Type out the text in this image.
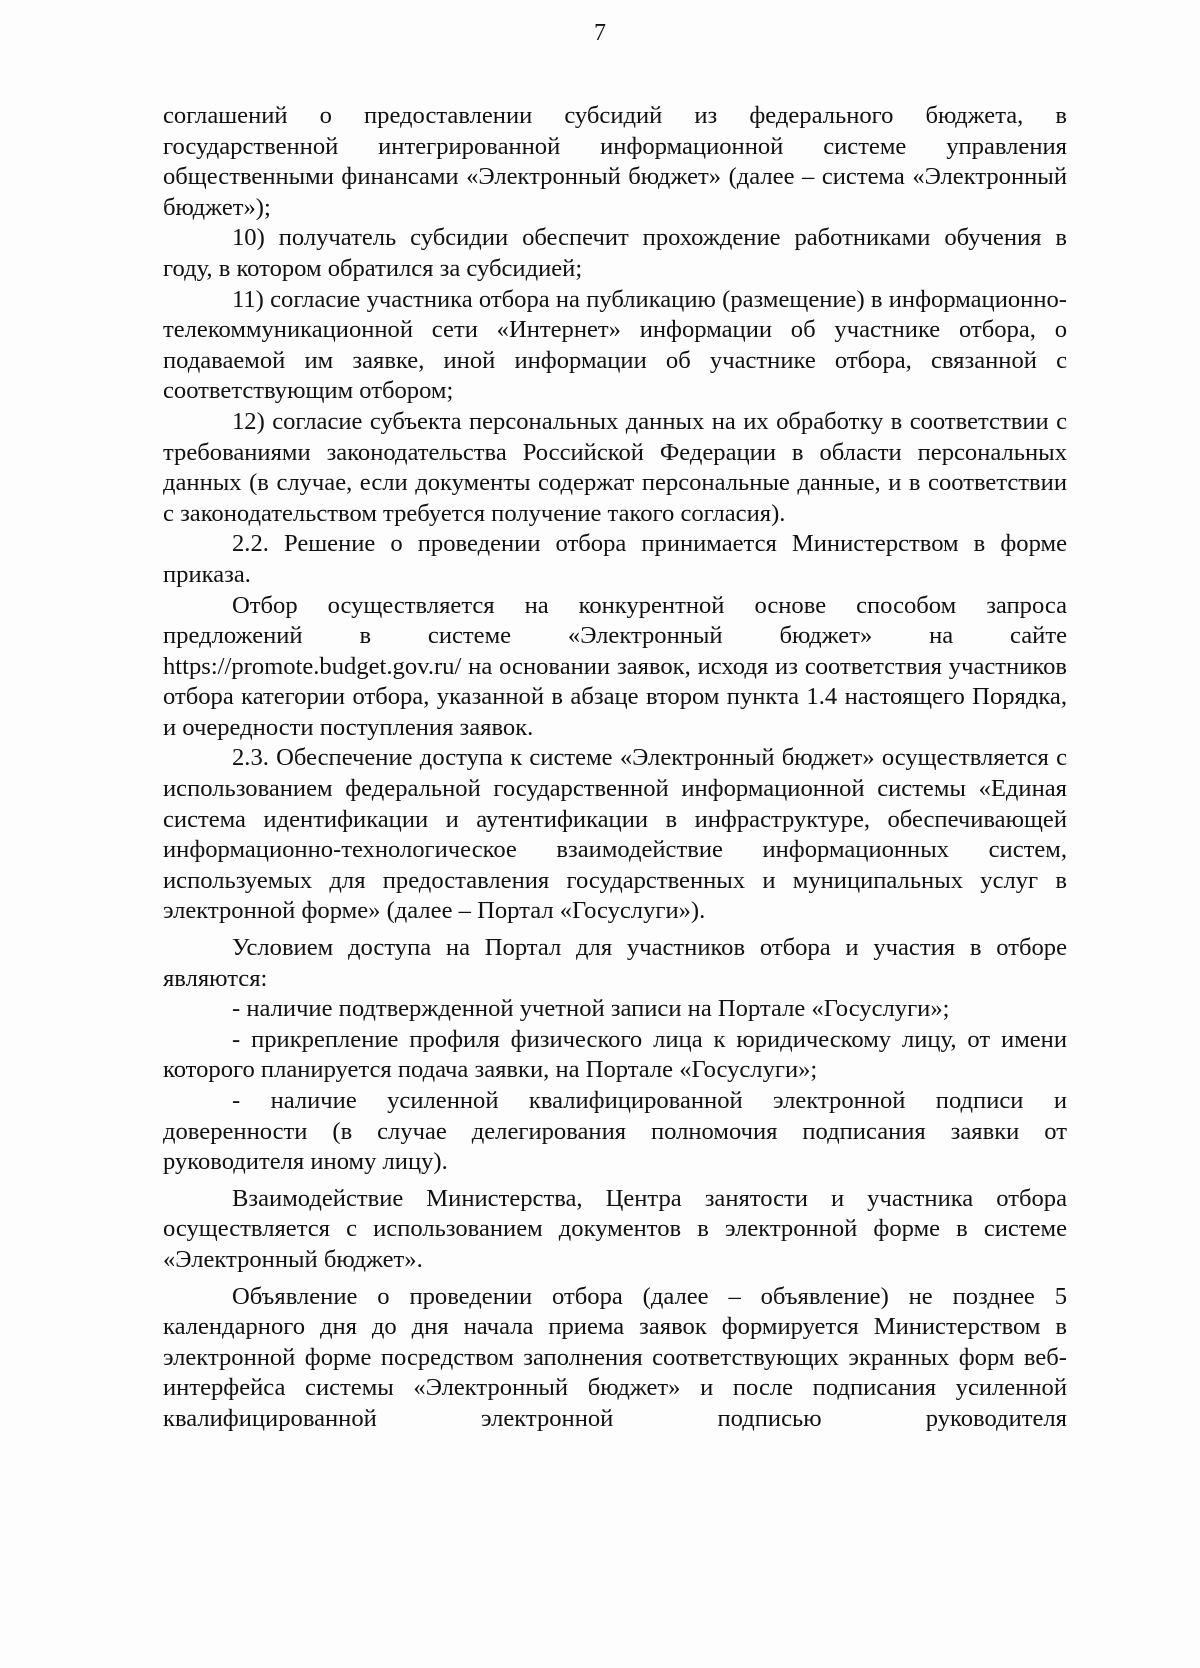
7

соглашений о предоставлении субсидий из федерального бюджета, в государственной интегрированной информационной системе управления общественными финансами «Электронный бюджет» (далее – система «Электронный бюджет»);

10) получатель субсидии обеспечит прохождение работниками обучения в году, в котором обратился за субсидией;

11) согласие участника отбора на публикацию (размещение) в информационно-телекоммуникационной сети «Интернет» информации об участнике отбора, о подаваемой им заявке, иной информации об участнике отбора, связанной с соответствующим отбором;

12) согласие субъекта персональных данных на их обработку в соответствии с требованиями законодательства Российской Федерации в области персональных данных (в случае, если документы содержат персональные данные, и в соответствии с законодательством требуется получение такого согласия).

2.2. Решение о проведении отбора принимается Министерством в форме приказа.

Отбор осуществляется на конкурентной основе способом запроса предложений в системе «Электронный бюджет» на сайте https://promote.budget.gov.ru/ на основании заявок, исходя из соответствия участников отбора категории отбора, указанной в абзаце втором пункта 1.4 настоящего Порядка, и очередности поступления заявок.

2.3. Обеспечение доступа к системе «Электронный бюджет» осуществляется с использованием федеральной государственной информационной системы «Единая система идентификации и аутентификации в инфраструктуре, обеспечивающей информационно-технологическое взаимодействие информационных систем, используемых для предоставления государственных и муниципальных услуг в электронной форме» (далее – Портал «Госуслуги»).

Условием доступа на Портал для участников отбора и участия в отборе являются:

- наличие подтвержденной учетной записи на Портале «Госуслуги»;

- прикрепление профиля физического лица к юридическому лицу, от имени которого планируется подача заявки, на Портале «Госуслуги»;

- наличие усиленной квалифицированной электронной подписи и доверенности (в случае делегирования полномочия подписания заявки от руководителя иному лицу).

Взаимодействие Министерства, Центра занятости и участника отбора осуществляется с использованием документов в электронной форме в системе «Электронный бюджет».

Объявление о проведении отбора (далее – объявление) не позднее 5 календарного дня до дня начала приема заявок формируется Министерством в электронной форме посредством заполнения соответствующих экранных форм веб-интерфейса системы «Электронный бюджет» и после подписания усиленной квалифицированной электронной подписью руководителя
